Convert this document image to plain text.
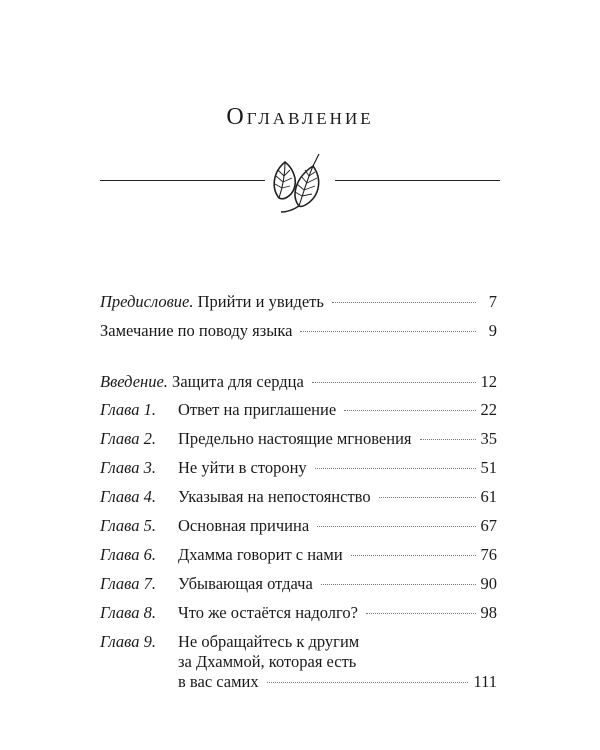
Оглавление
Предисловие. Прийти и увидеть	7
Замечание по поводу языка	9
Введение. Защита для сердца	12
Глава 1. Ответ на приглашение	22
Глава 2. Предельно настоящие мгновения	35
Глава 3. Не уйти в сторону	51
Глава 4. Указывая на непостоянство	61
Глава 5. Основная причина	67
Глава 6. Дхамма говорит с нами	76
Глава 7. Убывающая отдача	90
Глава 8. Что же остаётся надолго?	98
Глава 9. Не обращайтесь к другим
за Дхаммой, которая есть
в вас самих	111
